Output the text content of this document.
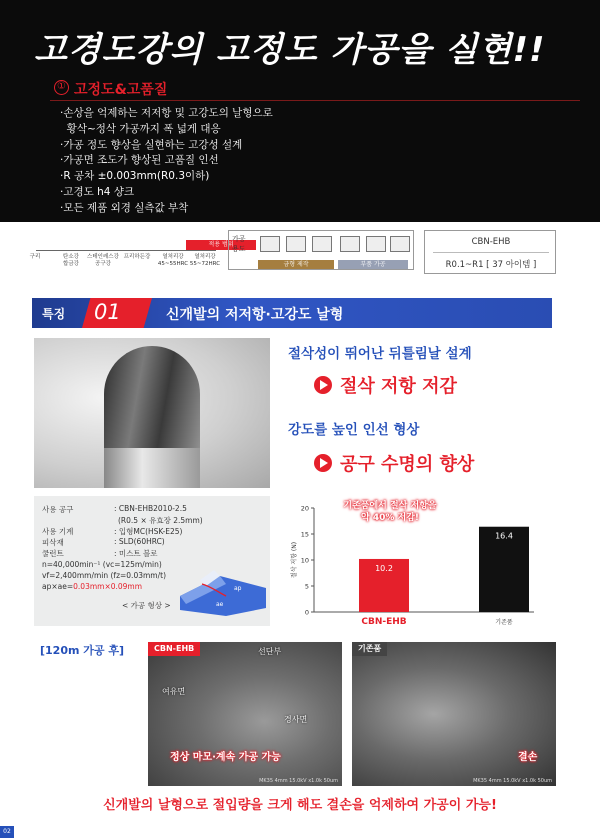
고경도강의 고정도 가공을 실현!!
① 고정도&고품질
·손상을 억제하는 저저항 및 고강도의 날형으로
황삭~정삭 가공까지 폭 넓게 대응
·가공 정도 향상을 실현하는 고강성 설계
·가공면 조도가 향상된 고품질 인선
·R 공차 ±0.003mm(R0.3이하)
·고경도 h4 샹크
·모든 제품 외경 실측값 부착
적용 범위
구리	탄소강
합금강
스테인레스강
공구강
프리하든강	열처리강
45~55HRC
열처리강
55~72HRC
가공
용도
금형 제작	부품 가공
CBN-EHB
R0.1~R1 [ 37 아이템 ]
특징 01	신개발의 저저항·고강도 날형
절삭성이 뛰어난 뒤틀림날 설계
절삭 저항 저감
강도를 높인 인선 형상
공구 수명의 향상
사용 공구	: CBN-EHB2010-2.5
(R0.5 × 유효장 2.5mm)
사용 기계	: 입형MC(HSK-E25)
피삭재	: SLD(60HRC)
쿨런트	: 미스트 블로
n=40,000min⁻¹ (vc=125m/min)
vf=2,400mm/min (fz=0.03mm/t)
ap×ae=0.03mm×0.09mm
< 가공 형상 >
ap
ae
0
5
10
15
20
절삭 저항 (N)	10.2
CBN-EHB
16.4
기존품
기존품에서 절삭 저항을
약 40% 저감!
[120m 가공 후]	CBN-EHB	선단부
여유면
경사면
정상 마모·계속 가공 가능
MK35 4mm 15.0kV x1.0k 50um
기존품
결손
MK35 4mm 15.0kV x1.0k 50um
신개발의 날형으로 절입량을 크게 해도 결손을 억제하여 가공이 가능!
02
